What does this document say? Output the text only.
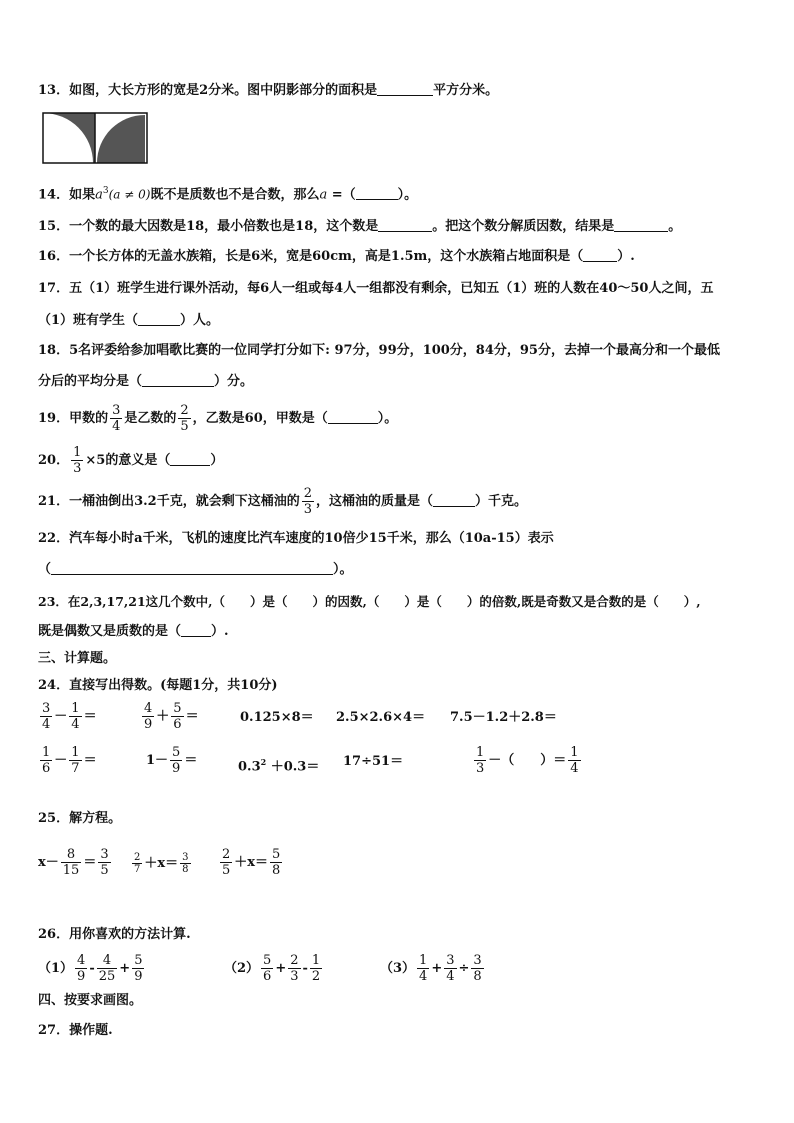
13．如图，大长方形的宽是2分米。图中阴影部分的面积是	平方分米。
14．如果$a^3(a \ne 0)$既不是质数也不是合数，那么a =（	）。
15．一个数的最大因数是18，最小倍数也是18，这个数是	。把这个数分解质因数，结果是	。
16．一个长方体的无盖水族箱，长是6米，宽是60cm，高是1.5m，这个水族箱占地面积是（	）.
17．五（1）班学生进行课外活动，每6人一组或每4人一组都没有剩余，已知五（1）班的人数在40～50人之间，五
（1）班有学生（	）人。
18．5名评委给参加唱歌比赛的一位同学打分如下: 97分，99分，100分，84分，95分，去掉一个最高分和一个最低
分后的平均分是（	）分。
19．甲数的 $\frac{3}{4}$ 是乙数的 $\frac{2}{5}$ ，乙数是60，甲数是（	）。
20． $\frac{1}{3} \times 5$的意义是（	）
21．一桶油倒出3.2千克，就会剩下这桶油的 $\frac{2}{3}$ ，这桶油的质量是（	）千克。
22．汽车每小时a千米，飞机的速度比汽车速度的10倍少15千米，那么（10a-15）表示
（	）。
23．在2,3,17,21这几个数中,（　　）是（　　）的因数,（　　）是（　　）的倍数,既是奇数又是合数的是（　　）,
既是偶数又是质数的是（ ）.
三、计算题。
24．直接写出得数。(每题1分，共10分)
$\frac{3}{4} - \frac{1}{4}$ ＝	$\frac{4}{9} + \frac{5}{6}$ ＝	0.125×8＝ 2.5×2.6×4＝ 7.5－1.2＋2.8＝
$\frac{1}{6} - \frac{1}{7}$ ＝	$1- \frac{5}{9}$ ＝	$0.3^2 +0.3= 17\div 51=$	$\frac{1}{3}$ －（　　）＝ $\frac{1}{4}$
25．解方程。
$x- \frac{8}{15} = \frac{3}{5} \frac{2}{7} +x= \frac{3}{8} \frac{2}{5} +x= \frac{5}{8}$
26．用你喜欢的方法计算.
$(1) \frac{4}{9} - \frac{4}{25} + \frac{5}{9}$	$(2) \frac{5}{6} + \frac{2}{3} - \frac{1}{2}$	$(3) \frac{1}{4} + \frac{3}{4} \div \frac{3}{8}$
四、按要求画图。
27．操作题.
